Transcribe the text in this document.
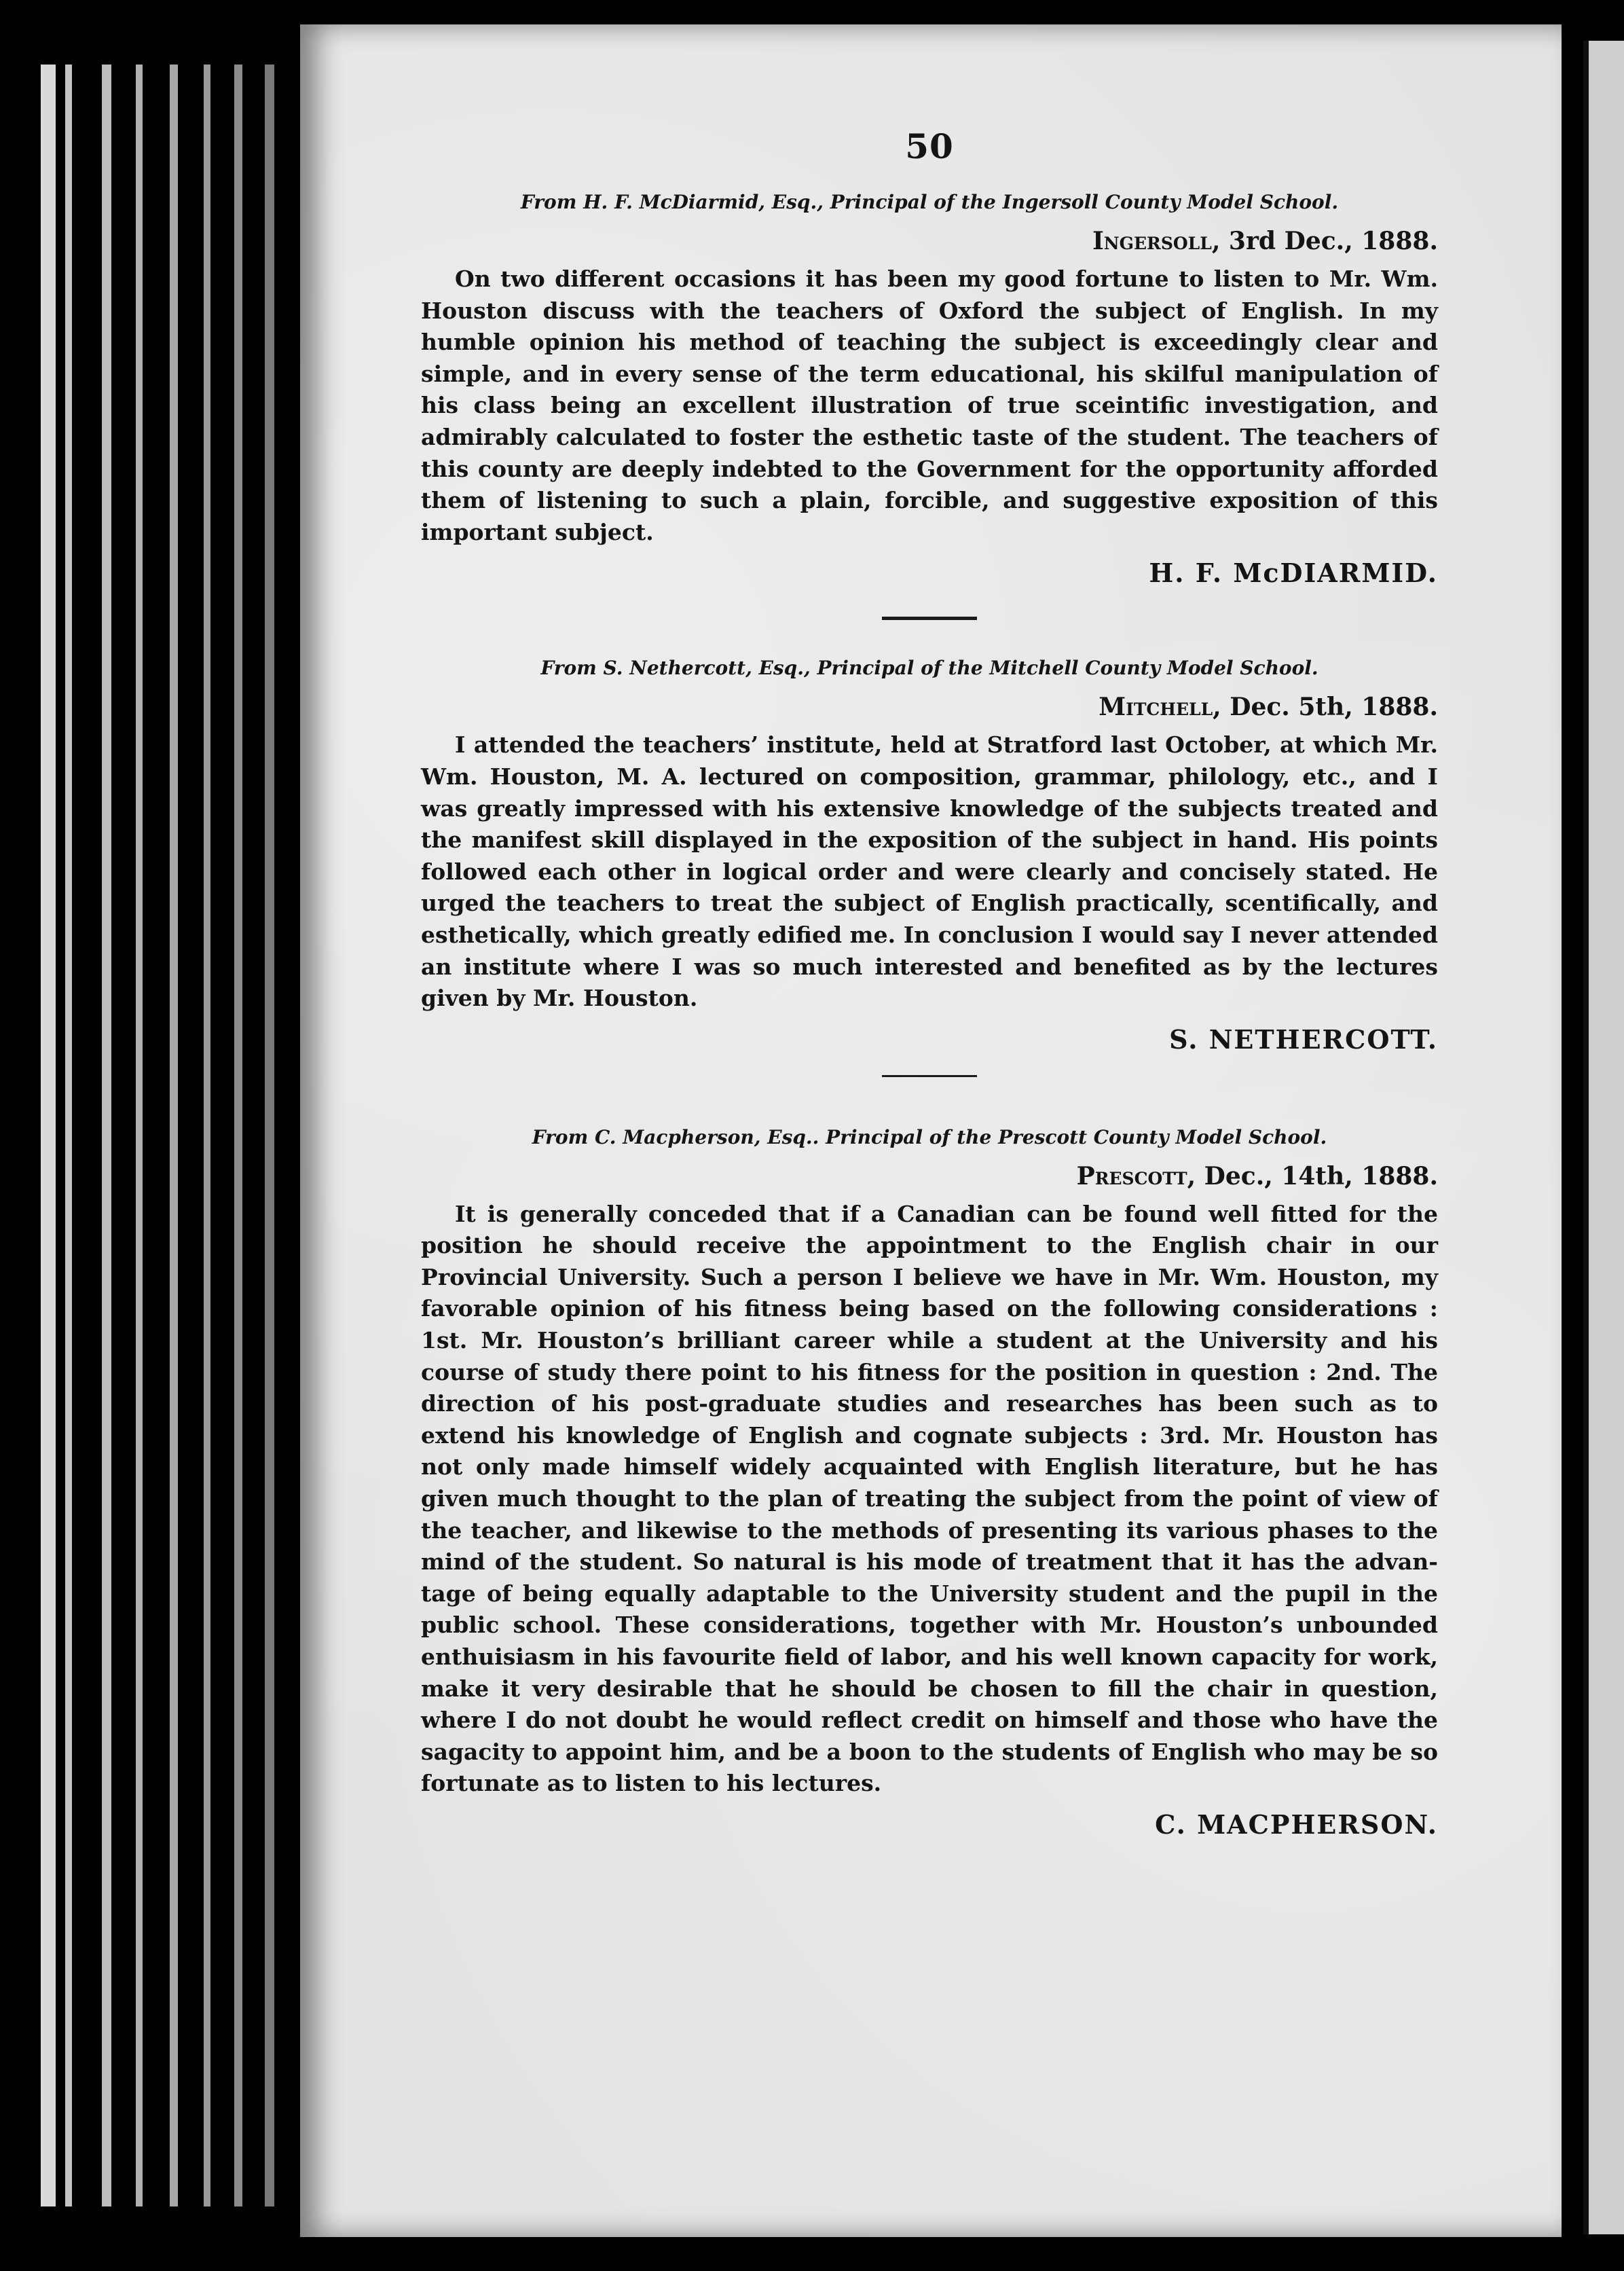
50
From H. F. McDiarmid, Esq., Principal of the Ingersoll County Model School.
Ingersoll, 3rd Dec., 1888.

On two different occasions it has been my good fortune to listen to Mr. Wm. Houston discuss with the teachers of Oxford the subject of English. In my humble opinion his method of teaching the subject is exceedingly clear and simple, and in every sense of the term educational, his skilful manipulation of his class being an excellent illustration of true sceintific investigation, and admirably calculated to foster the esthetic taste of the student. The teachers of this county are deeply indebted to the Government for the opportunity afforded them of listening to such a plain, forcible, and suggestive exposition of this important subject.

H. F. McDIARMID.
From S. Nethercott, Esq., Principal of the Mitchell County Model School.
Mitchell, Dec. 5th, 1888.

I attended the teachers’ institute, held at Stratford last October, at which Mr. Wm. Houston, M. A. lectured on composition, grammar, philology, etc., and I was greatly impressed with his extensive knowledge of the subjects treated and the manifest skill displayed in the exposition of the subject in hand. His points followed each other in logical order and were clearly and concisely stated. He urged the teachers to treat the subject of English practically, scentifically, and esthetically, which greatly edified me. In conclusion I would say I never attended an institute where I was so much interested and benefited as by the lectures given by Mr. Houston.

S. NETHERCOTT.
From C. Macpherson, Esq.. Principal of the Prescott County Model School.
Prescott, Dec., 14th, 1888.

It is generally conceded that if a Canadian can be found well fitted for the position he should receive the appointment to the English chair in our Provincial University. Such a person I believe we have in Mr. Wm. Houston, my favorable opinion of his fitness being based on the following considerations : 1st. Mr. Houston’s brilliant career while a student at the University and his course of study there point to his fitness for the position in question : 2nd. The direction of his post-graduate studies and researches has been such as to extend his knowledge of English and cognate subjects : 3rd. Mr. Houston has not only made himself widely acquainted with English literature, but he has given much thought to the plan of treating the subject from the point of view of the teacher, and likewise to the methods of presenting its various phases to the mind of the student. So natural is his mode of treatment that it has the advantage of being equally adaptable to the University student and the pupil in the public school. These considerations, together with Mr. Houston’s unbounded enthuisiasm in his favourite field of labor, and his well known capacity for work, make it very desirable that he should be chosen to fill the chair in question, where I do not doubt he would reflect credit on himself and those who have the sagacity to appoint him, and be a boon to the students of English who may be so fortunate as to listen to his lectures.

C. MACPHERSON.
